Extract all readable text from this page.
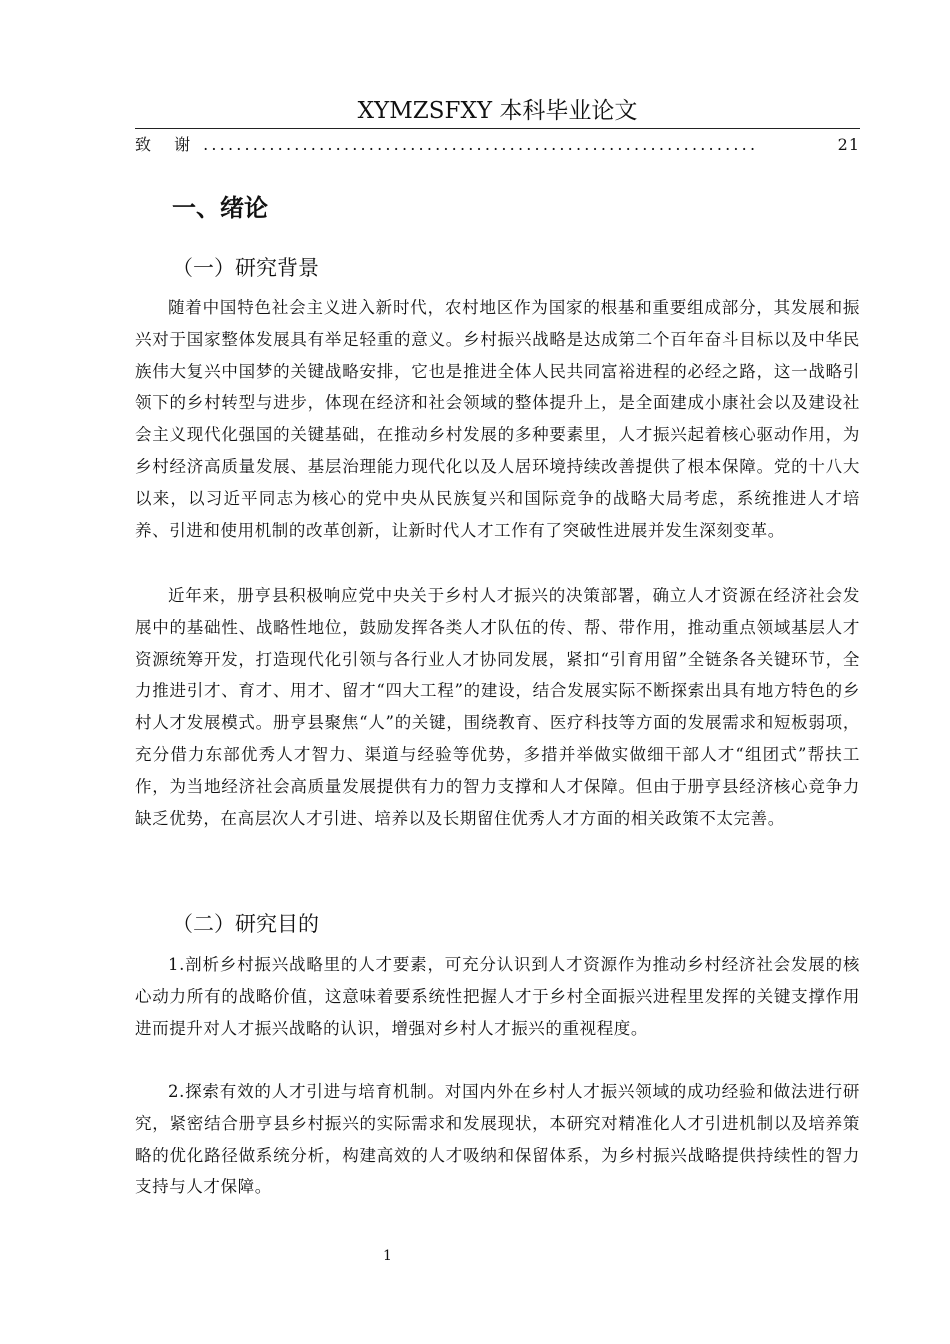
XYMZSFXY 本科毕业论文
致 谢 ...................................................................	21
一、绪论
（一）研究背景

随着中国特色社会主义进入新时代，农村地区作为国家的根基和重要组成部分，其发展和振兴对于国家整体发展具有举足轻重的意义。乡村振兴战略是达成第二个百年奋斗目标以及中华民族伟大复兴中国梦的关键战略安排，它也是推进全体人民共同富裕进程的必经之路，这一战略引领下的乡村转型与进步，体现在经济和社会领域的整体提升上，是全面建成小康社会以及建设社会主义现代化强国的关键基础，在推动乡村发展的多种要素里，人才振兴起着核心驱动作用，为乡村经济高质量发展、基层治理能力现代化以及人居环境持续改善提供了根本保障。党的十八大以来，以习近平同志为核心的党中央从民族复兴和国际竞争的战略大局考虑，系统推进人才培养、引进和使用机制的改革创新，让新时代人才工作有了突破性进展并发生深刻变革。

近年来，册亨县积极响应党中央关于乡村人才振兴的决策部署，确立人才资源在经济社会发展中的基础性、战略性地位，鼓励发挥各类人才队伍的传、帮、带作用，推动重点领域基层人才资源统筹开发，打造现代化引领与各行业人才协同发展，紧扣“引育用留”全链条各关键环节，全力推进引才、育才、用才、留才“四大工程”的建设，结合发展实际不断探索出具有地方特色的乡村人才发展模式。册亨县聚焦“人”的关键，围绕教育、医疗科技等方面的发展需求和短板弱项，充分借力东部优秀人才智力、渠道与经验等优势，多措并举做实做细干部人才“组团式”帮扶工作，为当地经济社会高质量发展提供有力的智力支撑和人才保障。但由于册亨县经济核心竞争力缺乏优势，在高层次人才引进、培养以及长期留住优秀人才方面的相关政策不太完善。

（二）研究目的

1.剖析乡村振兴战略里的人才要素，可充分认识到人才资源作为推动乡村经济社会发展的核心动力所有的战略价值，这意味着要系统性把握人才于乡村全面振兴进程里发挥的关键支撑作用进而提升对人才振兴战略的认识，增强对乡村人才振兴的重视程度。

2.探索有效的人才引进与培育机制。对国内外在乡村人才振兴领域的成功经验和做法进行研究，紧密结合册亨县乡村振兴的实际需求和发展现状，本研究对精准化人才引进机制以及培养策略的优化路径做系统分析，构建高效的人才吸纳和保留体系，为乡村振兴战略提供持续性的智力支持与人才保障。

1
